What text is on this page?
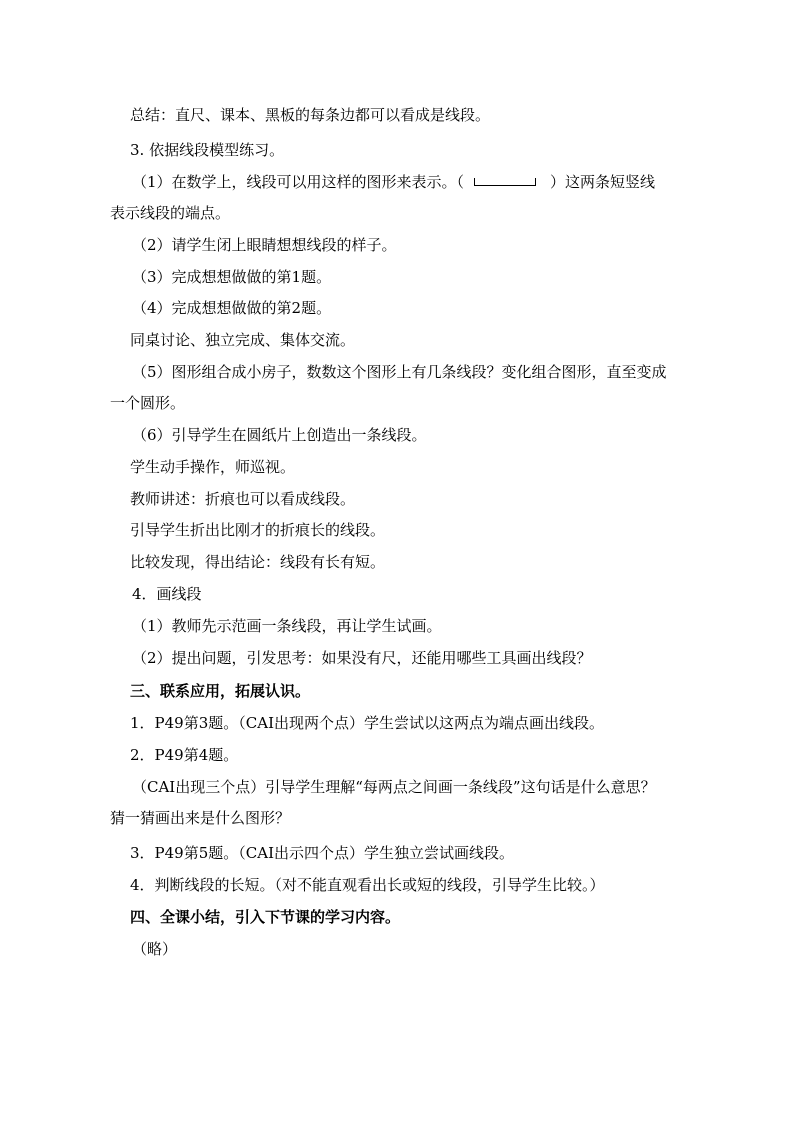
总结：直尺、课本、黑板的每条边都可以看成是线段。
3. 依据线段模型练习。
（1）在数学上，线段可以用这样的图形来表示。（	）这两条短竖线
表示线段的端点。
（2）请学生闭上眼睛想想线段的样子。
（3）完成想想做做的第1题。
（4）完成想想做做的第2题。
同桌讨论、独立完成、集体交流。
（5）图形组合成小房子，数数这个图形上有几条线段？变化组合图形，直至变成
一个圆形。
（6）引导学生在圆纸片上创造出一条线段。
学生动手操作，师巡视。
教师讲述：折痕也可以看成线段。
引导学生折出比刚才的折痕长的线段。
比较发现，得出结论：线段有长有短。
4．画线段
（1）教师先示范画一条线段，再让学生试画。
（2）提出问题，引发思考：如果没有尺，还能用哪些工具画出线段？
三、联系应用，拓展认识。
1．P49第3题。（CAI出现两个点）学生尝试以这两点为端点画出线段。
2．P49第4题。
（CAI出现三个点）引导学生理解“每两点之间画一条线段”这句话是什么意思？
猜一猜画出来是什么图形？
3．P49第5题。（CAI出示四个点）学生独立尝试画线段。
4．判断线段的长短。（对不能直观看出长或短的线段，引导学生比较。）
四、全课小结，引入下节课的学习内容。
（略）
